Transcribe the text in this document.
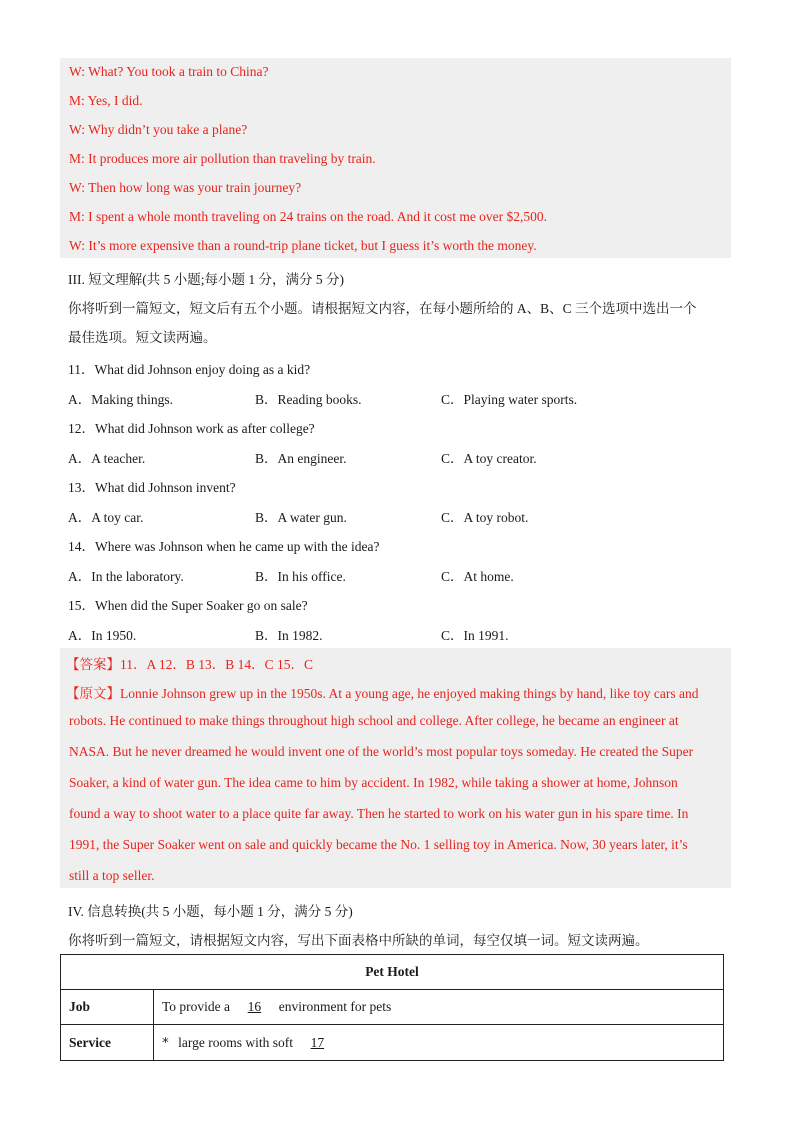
W: What? You took a train to China?
M: Yes, I did.
W: Why didn’t you take a plane?
M: It produces more air pollution than traveling by train.
W: Then how long was your train journey?
M: I spent a whole month traveling on 24 trains on the road. And it cost me over $2,500.
W: It’s more expensive than a round-trip plane ticket, but I guess it’s worth the money.
III. 短文理解(共 5 小题;每小题 1 分，满分 5 分)
你将听到一篇短文，短文后有五个小题。请根据短文内容，在每小题所给的 A、B、C 三个选项中选出一个
最佳选项。短文读两遍。
11．What did Johnson enjoy doing as a kid?
A．Making things.	B．Reading books.	C．Playing water sports.
12．What did Johnson work as after college?
A．A teacher.	B．An engineer.	C．A toy creator.
13．What did Johnson invent?
A．A toy car.	B．A water gun.	C．A toy robot.
14．Where was Johnson when he came up with the idea?
A．In the laboratory.	B．In his office.	C．At home.
15．When did the Super Soaker go on sale?
A．In 1950.	B．In 1982.	C．In 1991.
【答案】11．A 12．B 13．B 14．C 15．C
【原文】Lonnie Johnson grew up in the 1950s. At a young age, he enjoyed making things by hand, like toy cars and
robots. He continued to make things throughout high school and college. After college, he became an engineer at
NASA. But he never dreamed he would invent one of the world’s most popular toys someday. He created the Super
Soaker, a kind of water gun. The idea came to him by accident. In 1982, while taking a shower at home, Johnson
found a way to shoot water to a place quite far away. Then he started to work on his water gun in his spare time. In
1991, the Super Soaker went on sale and quickly became the No. 1 selling toy in America. Now, 30 years later, it’s
still a top seller.
IV. 信息转换(共 5 小题，每小题 1 分，满分 5 分)
你将听到一篇短文，请根据短文内容，写出下面表格中所缺的单词，每空仅填一词。短文读两遍。
Pet Hotel	
Job	To provide a 16 environment for pets
Service	* large rooms with soft 17
